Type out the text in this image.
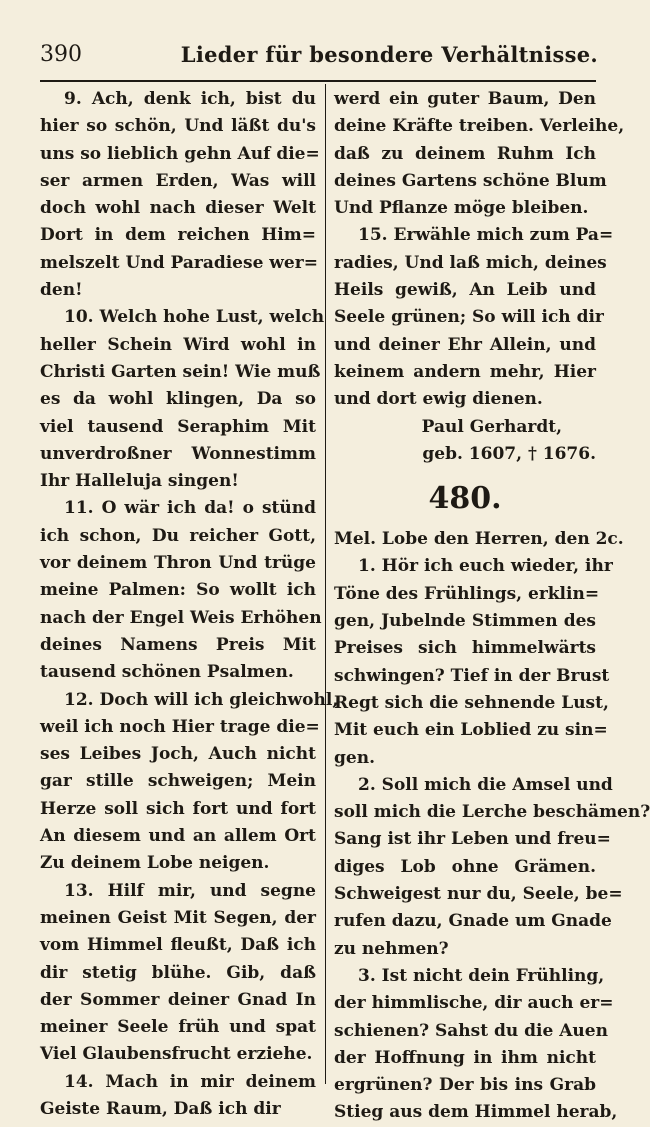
390	Lieder für besondere Verhältnisse.
9. Ach, denk ich, bist du
hier so schön, Und läßt du's
uns so lieblich gehn Auf die=
ser armen Erden, Was will
doch wohl nach dieser Welt
Dort in dem reichen Him=
melszelt Und Paradiese wer=
den!
10. Welch hohe Lust, welch
heller Schein Wird wohl in
Christi Garten sein! Wie muß
es da wohl klingen, Da so
viel tausend Seraphim Mit
unverdroßner Wonnestimm
Ihr Halleluja singen!
11. O wär ich da! o stünd
ich schon, Du reicher Gott,
vor deinem Thron Und trüge
meine Palmen: So wollt ich
nach der Engel Weis Erhöhen
deines Namens Preis Mit
tausend schönen Psalmen.
12. Doch will ich gleichwohl,
weil ich noch Hier trage die=
ses Leibes Joch, Auch nicht
gar stille schweigen; Mein
Herze soll sich fort und fort
An diesem und an allem Ort
Zu deinem Lobe neigen.
13. Hilf mir, und segne
meinen Geist Mit Segen, der
vom Himmel fleußt, Daß ich
dir stetig blühe. Gib, daß
der Sommer deiner Gnad In
meiner Seele früh und spat
Viel Glaubensfrucht erziehe.
14. Mach in mir deinem
Geiste Raum, Daß ich dir
werd ein guter Baum, Den
deine Kräfte treiben. Verleihe,
daß zu deinem Ruhm Ich
deines Gartens schöne Blum
Und Pflanze möge bleiben.
15. Erwähle mich zum Pa=
radies, Und laß mich, deines
Heils gewiß, An Leib und
Seele grünen; So will ich dir
und deiner Ehr Allein, und
keinem andern mehr, Hier
und dort ewig dienen.
Paul Gerhardt,
geb. 1607, † 1676.
480.
Mel. Lobe den Herren, den 2c.
1. Hör ich euch wieder, ihr
Töne des Frühlings, erklin=
gen, Jubelnde Stimmen des
Preises sich himmelwärts
schwingen? Tief in der Brust
Regt sich die sehnende Lust,
Mit euch ein Loblied zu sin=
gen.
2. Soll mich die Amsel und
soll mich die Lerche beschämen?
Sang ist ihr Leben und freu=
diges Lob ohne Grämen.
Schweigest nur du, Seele, be=
rufen dazu, Gnade um Gnade
zu nehmen?
3. Ist nicht dein Frühling,
der himmlische, dir auch er=
schienen? Sahst du die Auen
der Hoffnung in ihm nicht
ergrünen? Der bis ins Grab
Stieg aus dem Himmel herab,
